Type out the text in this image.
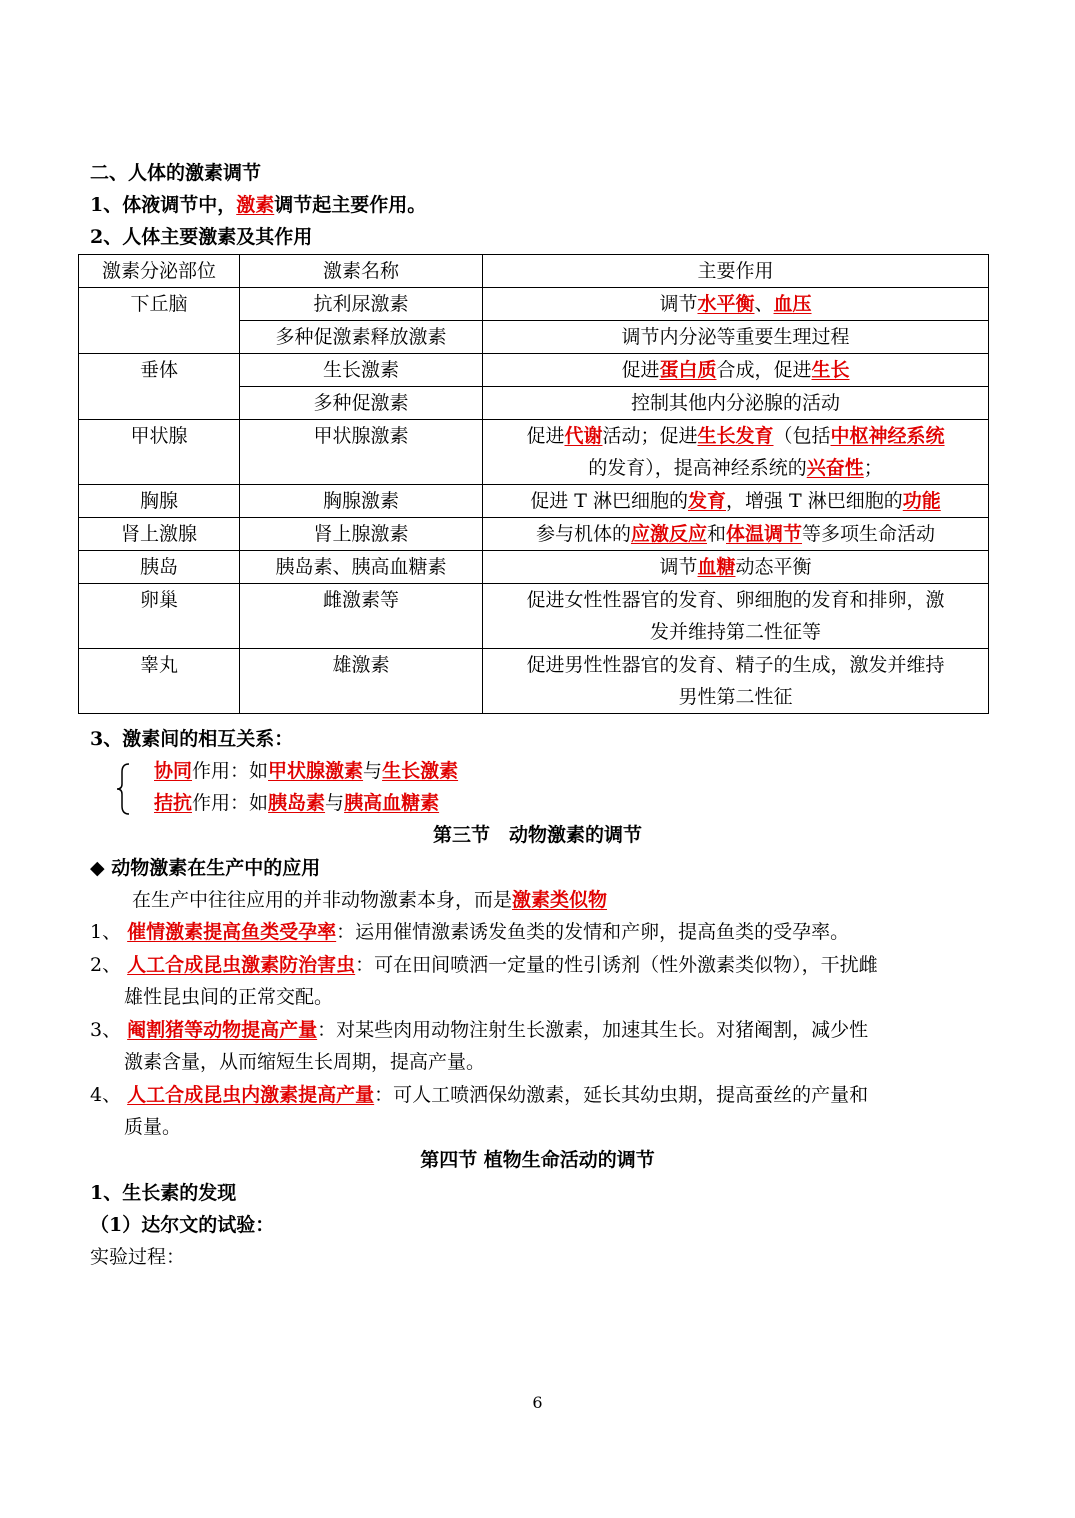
二、人体的激素调节
1、体液调节中，激素调节起主要作用。
2、人体主要激素及其作用
激素分泌部位	激素名称	主要作用
下丘脑	抗利尿激素	调节水平衡、血压
	多种促激素释放激素	调节内分泌等重要生理过程
垂体	生长激素	促进蛋白质合成，促进生长
	多种促激素	控制其他内分泌腺的活动
甲状腺	甲状腺激素	促进代谢活动；促进生长发育（包括中枢神经系统
的发育），提高神经系统的兴奋性；
胸腺	胸腺激素	促进 T 淋巴细胞的发育，增强 T 淋巴细胞的功能
肾上激腺	肾上腺激素	参与机体的应激反应和体温调节等多项生命活动
胰岛	胰岛素、胰高血糖素	调节血糖动态平衡
卵巢	雌激素等	促进女性性器官的发育、卵细胞的发育和排卵，激
发并维持第二性征等
睾丸	雄激素	促进男性性器官的发育、精子的生成，激发并维持
男性第二性征
3、激素间的相互关系：
协同作用：如甲状腺激素与生长激素
拮抗作用：如胰岛素与胰高血糖素
第三节　动物激素的调节
◆ 动物激素在生产中的应用
在生产中往往应用的并非动物激素本身，而是激素类似物
1、 催情激素提高鱼类受孕率：运用催情激素诱发鱼类的发情和产卵，提高鱼类的受孕率。
2、 人工合成昆虫激素防治害虫：可在田间喷洒一定量的性引诱剂（性外激素类似物），干扰雌
雄性昆虫间的正常交配。
3、 阉割猪等动物提高产量：对某些肉用动物注射生长激素，加速其生长。对猪阉割，减少性
激素含量，从而缩短生长周期，提高产量。
4、 人工合成昆虫内激素提高产量：可人工喷洒保幼激素，延长其幼虫期，提高蚕丝的产量和
质量。
第四节 植物生命活动的调节
1、生长素的发现
（1）达尔文的试验：
实验过程：
6
